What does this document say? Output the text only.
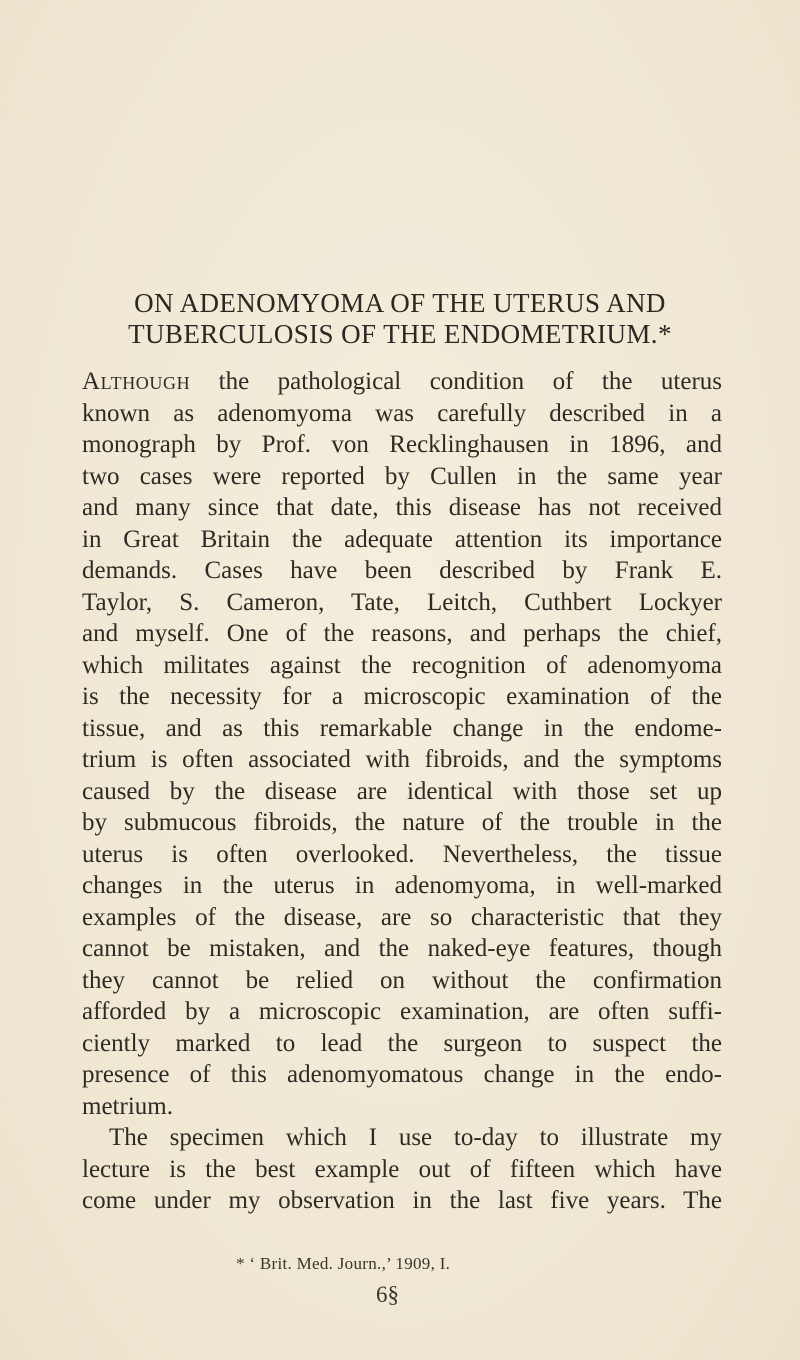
ON ADENOMYOMA OF THE UTERUS AND
TUBERCULOSIS OF THE ENDOMETRIUM.*
Although the pathological condition of the uterus
known as adenomyoma was carefully described in a
monograph by Prof. von Recklinghausen in 1896, and
two cases were reported by Cullen in the same year
and many since that date, this disease has not received
in Great Britain the adequate attention its importance
demands. Cases have been described by Frank E.
Taylor, S. Cameron, Tate, Leitch, Cuthbert Lockyer
and myself. One of the reasons, and perhaps the chief,
which militates against the recognition of adenomyoma
is the necessity for a microscopic examination of the
tissue, and as this remarkable change in the endome-
trium is often associated with fibroids, and the symptoms
caused by the disease are identical with those set up
by submucous fibroids, the nature of the trouble in the
uterus is often overlooked. Nevertheless, the tissue
changes in the uterus in adenomyoma, in well-marked
examples of the disease, are so characteristic that they
cannot be mistaken, and the naked-eye features, though
they cannot be relied on without the confirmation
afforded by a microscopic examination, are often suffi-
ciently marked to lead the surgeon to suspect the
presence of this adenomyomatous change in the endo-
metrium.
The specimen which I use to-day to illustrate my
lecture is the best example out of fifteen which have
come under my observation in the last five years. The
* ‘ Brit. Med. Journ.,’ 1909, I.
6§
